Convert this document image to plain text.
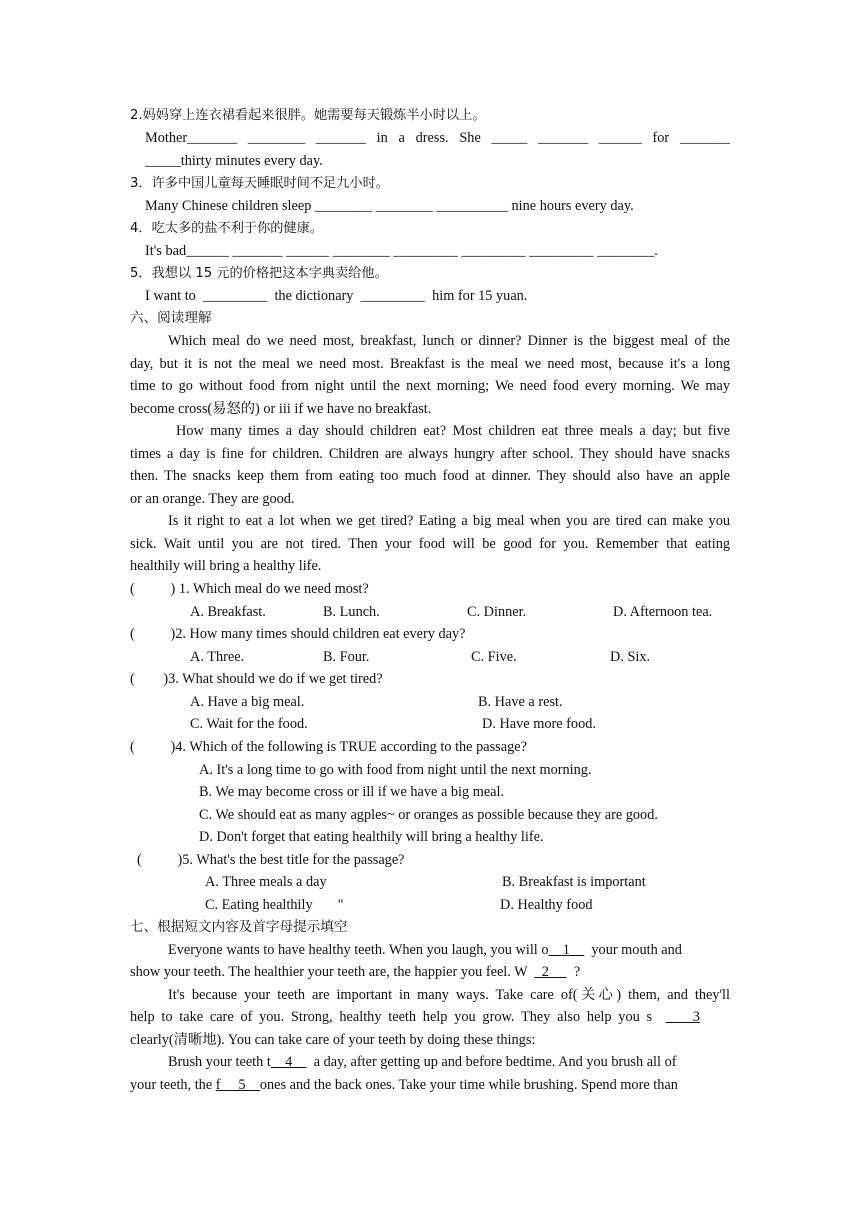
2.妈妈穿上连衣裙看起来很胖。她需要每天锻炼半小时以上。
Mother_______ ________ _______ in a dress. She _____ _______ ______ for _______
_____thirty minutes every day.
3．许多中国儿童每天睡眠时间不足九小时。
Many Chinese children sleep ________ ________ __________ nine hours every day.
4．吃太多的盐不利于你的健康。
It's bad______ _______ ______ ________ _________ _________ _________ ________.
5．我想以 15 元的价格把这本字典卖给他。
I want to  _________  the dictionary  _________  him for 15 yuan.
六、阅读理解
Which meal do we need most, breakfast, lunch or dinner? Dinner is the biggest meal of the
day, but it is not the meal we need most. Breakfast is the meal we need most, because it's a long
time to go without food from night until the next morning; We need food every morning. We may
become cross(易怒的) or iii if we have no breakfast.
How many times a day should children eat? Most children eat three meals a day; but five
times a day is fine for children. Children are always hungry after school. They should have snacks
then. The snacks keep them from eating too much food at dinner. They should also have an apple
or an orange. They are good.
Is it right to eat a lot when we get tired? Eating a big meal when you are tired can make you
sick. Wait until you are not tired. Then your food will be good for you. Remember that eating
healthily will bring a healthy life.
(          ) 1. Which meal do we need most?
A. Breakfast.	B. Lunch.	C. Dinner.	D. Afternoon tea.
(          )2. How many times should children eat every day?
A. Three.	B. Four.	C. Five.	D. Six.
(        )3. What should we do if we get tired?
A. Have a big meal.	B. Have a rest.
C. Wait for the food.	D. Have more food.
(          )4. Which of the following is TRUE according to the passage?
A. It's a long time to go with food from night until the next morning.
B. We may become cross or ill if we have a big meal.
C. We should eat as many agples~ or oranges as possible because they are good.
D. Don't forget that eating healthily will bring a healthy life.
(          )5. What's the best title for the passage?
A. Three meals a day	B. Breakfast is important
C. Eating healthily       "	D. Healthy food
七、根据短文内容及首字母提示填空
Everyone wants to have healthy teeth. When you laugh, you will o    1      your mouth and
show your teeth. The healthier your teeth are, the happier you feel. W    2       ?
It's because your teeth are important in many ways. Take care of(关心) them, and they'll
help to take care of you. Strong, healthy teeth help you grow. They also help you s      3
clearly(清晰地). You can take care of your teeth by doing these things:
Brush your teeth t    4      a day, after getting up and before bedtime. And you brush all of
your teeth, the f     5    ones and the back ones. Take your time while brushing. Spend more than
